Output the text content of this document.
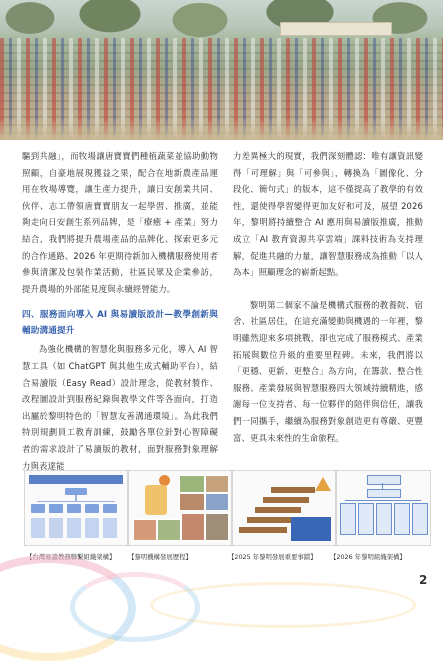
驅到共融」，而牧場讓唐寶寶們種植蔬菜並協助動物照顧，自豪地展現獲益之果，配合在地新農產品運用在牧場導覽，讓生產力提升，讓日安創業共同、伙伴、志工帶領唐寶寶朋友一起學習、推廣，並能夠走向日安創生系列品牌，是「療癒 + 產業」努力結合，我們將提升農場產品的品牌化、探索更多元的合作通路、2026 年更期待新加入機構服務使用者參與清潔及包裝作業活動，社區民眾及企業參訪，提升農場的外部能見度與永續經營能力。

四、服務面向導入 AI 與易讀版設計—教學創新與輔助溝通提升

為強化機構的智慧化與服務多元化，導入 AI 智慧工具（如 ChatGPT 與其他生成式輔助平台），結合易讀版（Easy Read）設計理念，從教材製作、改程圖設計到服務紀錄與教學文件等各面向，打造出屬於黎明特色的「智慧友善溝通環境」。為此我們特別規劃員工教育訓練，鼓勵各單位針對心智障礙者的需求設計了易讀版的教材，面對服務對象理解力與表達能

力差異極大的現實，我們深刻體認：唯有讓資訊變得「可理解」與「可參與」，轉換為「圖像化、分段化、簡句式」的版本，這不僅提高了教學的有效性，還使得學習變得更加友好和可及，展望 2026 年，黎明將持續整合 AI 應用與易讀版推廣，推動成立「AI 教育資源共享雲端」課料技術為支持理解，促進共融的力量，讓智慧服務成為推動「以人為本」照顧理念的嶄新起點。

黎明第二個家不論是機構式服務的教養院、宿舍、社區居住，在這充滿變動與機遇的一年裡，黎明雖然迎來多項挑戰，卻也完成了服務模式、產業拓展與數位升級的重要里程碑。未來，我們將以「更穩、更新、更整合」為方向，在籌款、整合性服務、產業發展與智慧服務四大領域持續精進，感謝每一位支持者、每一位夥伴的陪伴與信任，讓我們一同攜手，繼續為服務對象創造更有尊嚴、更豐富、更具未來性的生命旅程。

【台灣易讀教務聯繫組織架構】 【黎明機構發展歷程】	【2025 年黎明發展重要事蹟】 【2026 年黎明組織架構】
2
